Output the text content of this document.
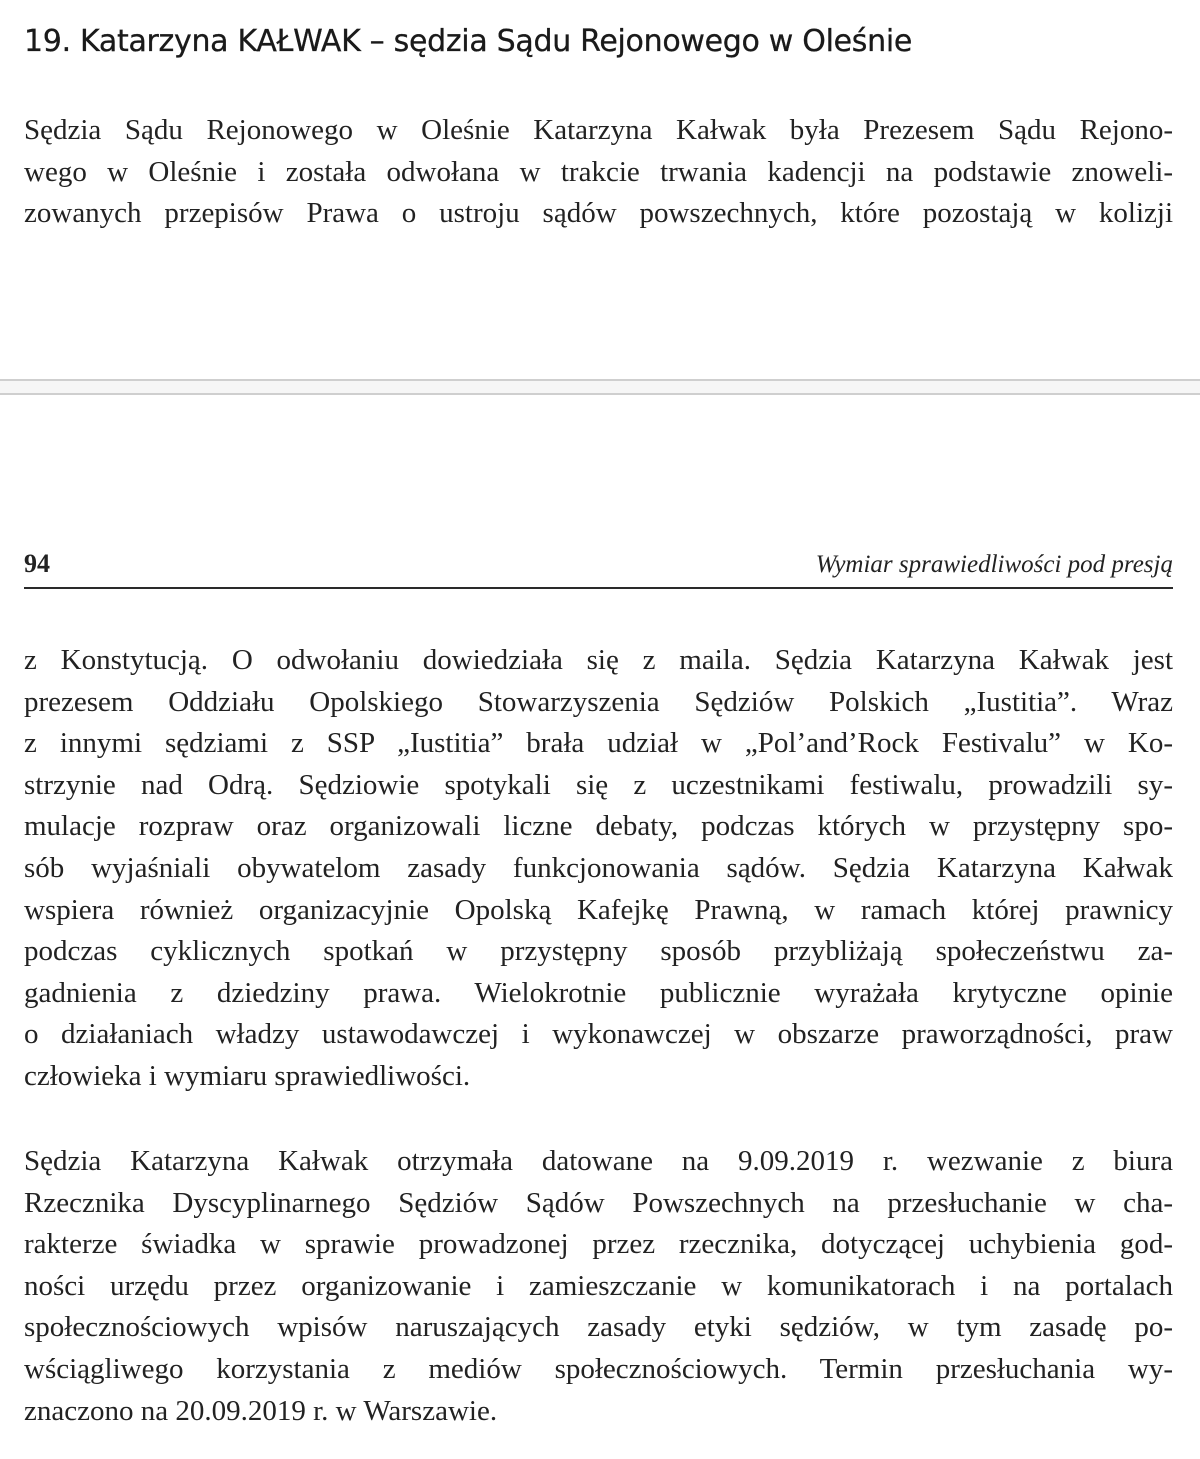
19. Katarzyna KAŁWAK – sędzia Sądu Rejonowego w Oleśnie
Sędzia Sądu Rejonowego w Oleśnie Katarzyna Kałwak była Prezesem Sądu Rejono-
wego w Oleśnie i została odwołana w trakcie trwania kadencji na podstawie znoweli-
zowanych przepisów Prawa o ustroju sądów powszechnych, które pozostają w kolizji
94	Wymiar sprawiedliwości pod presją
z Konstytucją. O odwołaniu dowiedziała się z maila. Sędzia Katarzyna Kałwak jest
prezesem Oddziału Opolskiego Stowarzyszenia Sędziów Polskich „Iustitia”. Wraz
z innymi sędziami z SSP „Iustitia” brała udział w „Pol’and’Rock Festivalu” w Ko-
strzynie nad Odrą. Sędziowie spotykali się z uczestnikami festiwalu, prowadzili sy-
mulacje rozpraw oraz organizowali liczne debaty, podczas których w przystępny spo-
sób wyjaśniali obywatelom zasady funkcjonowania sądów. Sędzia Katarzyna Kałwak
wspiera również organizacyjnie Opolską Kafejkę Prawną, w ramach której prawnicy
podczas cyklicznych spotkań w przystępny sposób przybliżają społeczeństwu za-
gadnienia z dziedziny prawa. Wielokrotnie publicznie wyrażała krytyczne opinie
o działaniach władzy ustawodawczej i wykonawczej w obszarze praworządności, praw
człowieka i wymiaru sprawiedliwości.
Sędzia Katarzyna Kałwak otrzymała datowane na 9.09.2019 r. wezwanie z biura
Rzecznika Dyscyplinarnego Sędziów Sądów Powszechnych na przesłuchanie w cha-
rakterze świadka w sprawie prowadzonej przez rzecznika, dotyczącej uchybienia god-
ności urzędu przez organizowanie i zamieszczanie w komunikatorach i na portalach
społecznościowych wpisów naruszających zasady etyki sędziów, w tym zasadę po-
wściągliwego korzystania z mediów społecznościowych. Termin przesłuchania wy-
znaczono na 20.09.2019 r. w Warszawie.
